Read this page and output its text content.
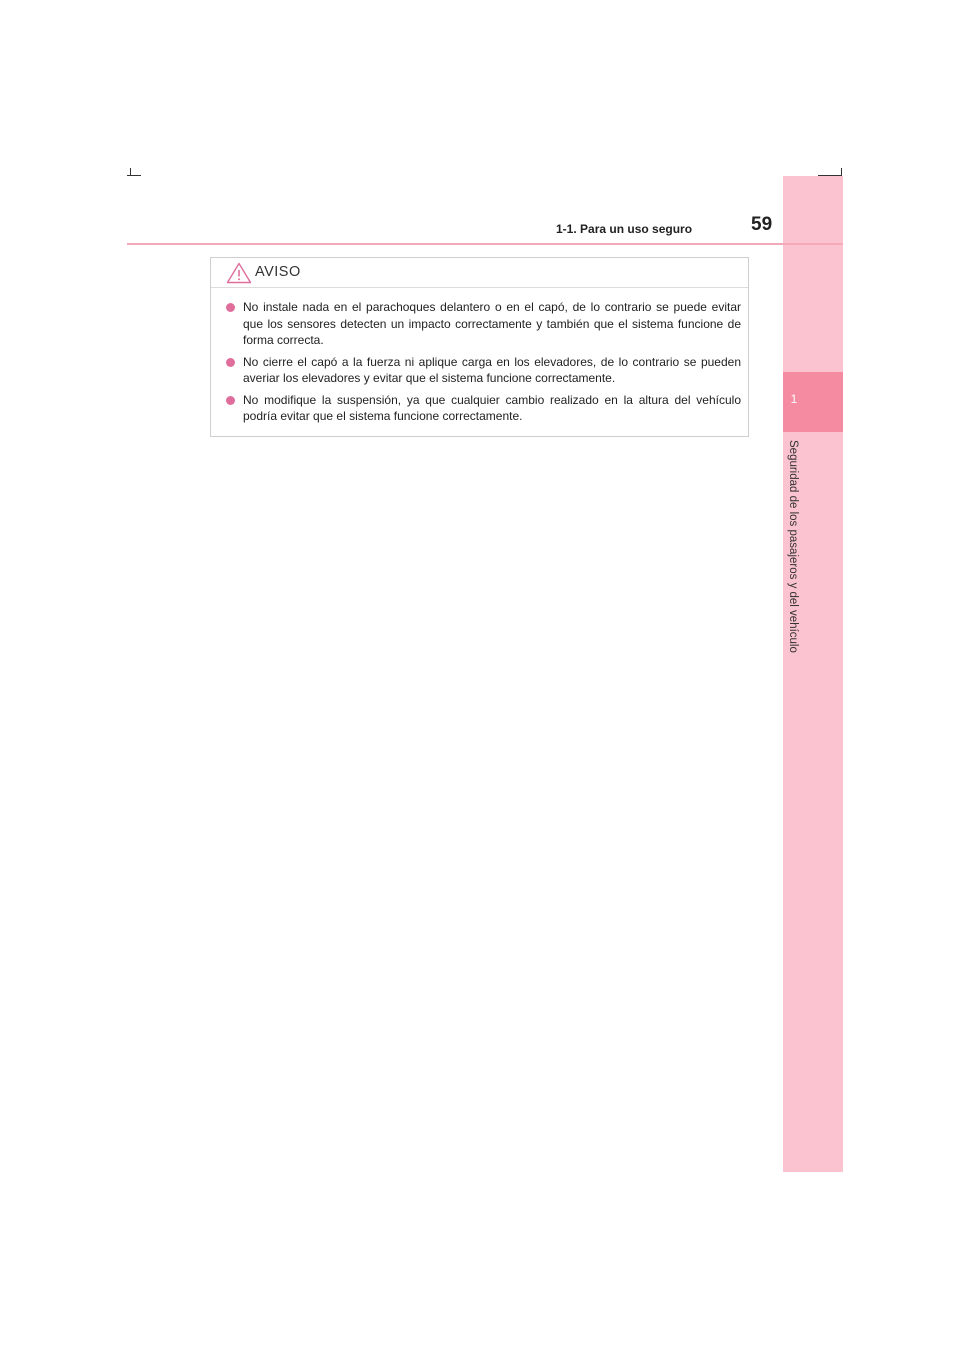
1
Seguridad de los pasajeros y del vehículo
1-1. Para un uso seguro	59
AVISO
No instale nada en el parachoques delantero o en el capó, de lo contrario se puede evitar que los sensores detecten un impacto correctamente y también que el sistema funcione de forma correcta.
No cierre el capó a la fuerza ni aplique carga en los elevadores, de lo contrario se pueden averiar los elevadores y evitar que el sistema funcione correctamente.
No modifique la suspensión, ya que cualquier cambio realizado en la altura del vehículo podría evitar que el sistema funcione correctamente.
